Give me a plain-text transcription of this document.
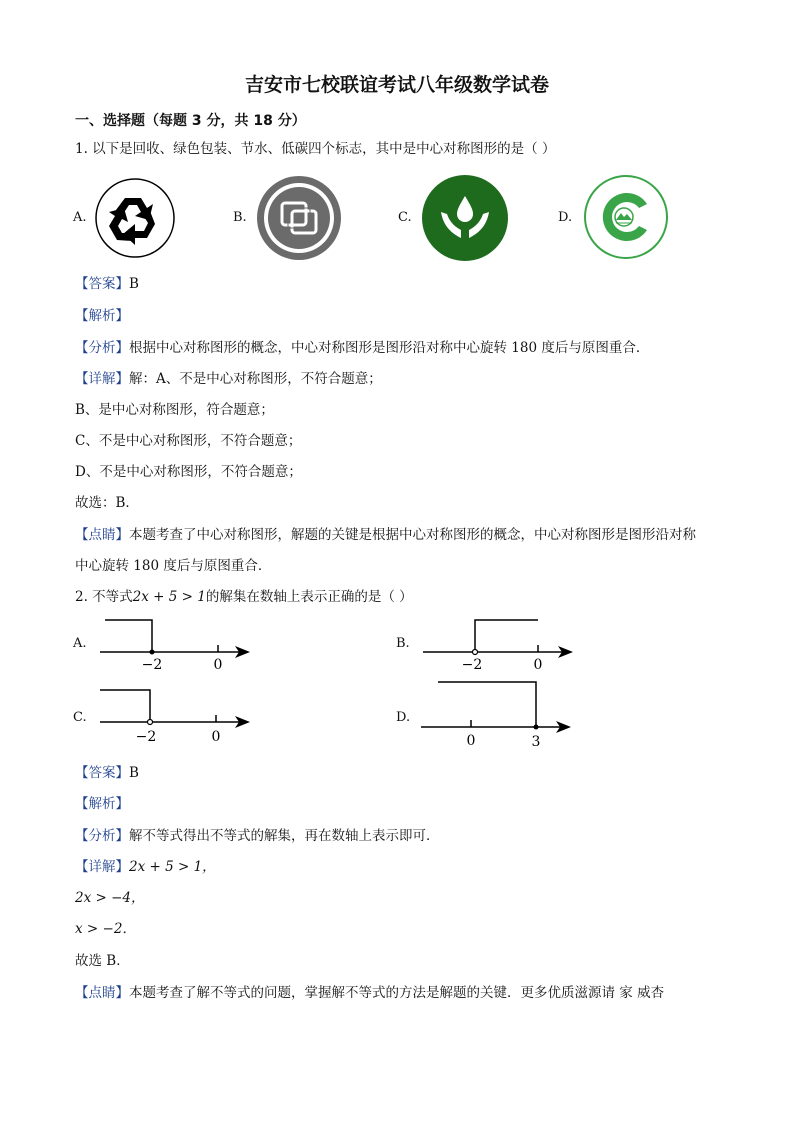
吉安市七校联谊考试八年级数学试卷
一、选择题（每题 3 分，共 18 分）
1. 以下是回收、绿色包装、节水、低碳四个标志，其中是中心对称图形的是（ ）
A.	B.	C.	D.
【答案】B
【解析】
【分析】根据中心对称图形的概念，中心对称图形是图形沿对称中心旋转 180 度后与原图重合．
【详解】解：A、不是中心对称图形，不符合题意；
B、是中心对称图形，符合题意；
C、不是中心对称图形，不符合题意；
D、不是中心对称图形，不符合题意；
故选：B．
【点睛】本题考查了中心对称图形，解题的关键是根据中心对称图形的概念，中心对称图形是图形沿对称
中心旋转 180 度后与原图重合．
2. 不等式2x + 5 > 1的解集在数轴上表示正确的是（ ）
A.
−2	0
B.
−2	0
C.
−2	0
D.
0	3
【答案】B
【解析】
【分析】解不等式得出不等式的解集，再在数轴上表示即可．
【详解】2x + 5 > 1，
2x > −4，
x > −2．
故选 B．
【点睛】本题考查了解不等式的问题，掌握解不等式的方法是解题的关键．更多优质滋源请 家 威杏
